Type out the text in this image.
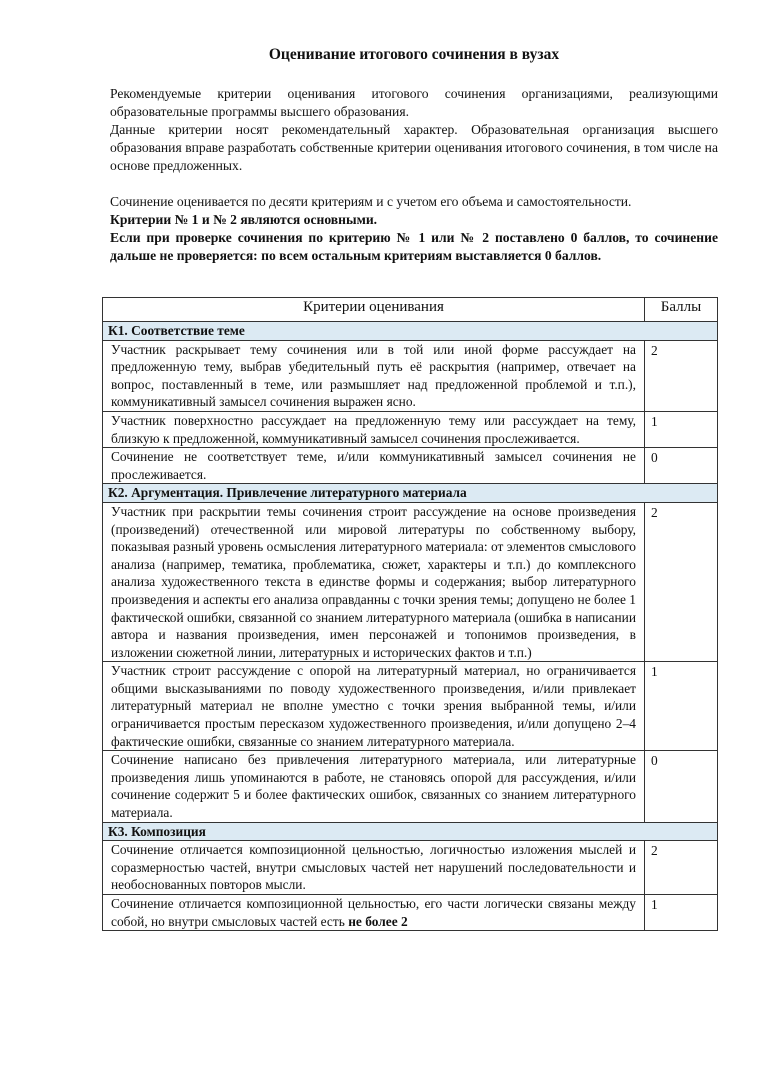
Оценивание итогового сочинения в вузах

Рекомендуемые критерии оценивания итогового сочинения организациями, реализующими образовательные программы высшего образования.

Данные критерии носят рекомендательный характер. Образовательная организация высшего образования вправе разработать собственные критерии оценивания итогового сочинения, в том числе на основе предложенных.

Сочинение оценивается по десяти критериям и с учетом его объема и самостоятельности.

Критерии № 1 и № 2 являются основными.

Если при проверке сочинения по критерию № 1 или № 2 поставлено 0 баллов, то сочинение дальше не проверяется: по всем остальным критериям выставляется 0 баллов.

Критерии оценивания	Баллы
К1. Соответствие теме	
Участник раскрывает тему сочинения или в той или иной форме рассуждает на предложенную тему, выбрав убедительный путь её раскрытия (например, отвечает на вопрос, поставленный в теме, или размышляет над предложенной проблемой и т.п.), коммуникативный замысел сочинения выражен ясно.	2
Участник поверхностно рассуждает на предложенную тему или рассуждает на тему, близкую к предложенной, коммуникативный замысел сочинения прослеживается.	1
Сочинение не соответствует теме, и/или коммуникативный замысел сочинения не прослеживается.	0
К2. Аргументация. Привлечение литературного материала	
Участник при раскрытии темы сочинения строит рассуждение на основе произведения (произведений) отечественной или мировой литературы по собственному выбору, показывая разный уровень осмысления литературного материала: от элементов смыслового анализа (например, тематика, проблематика, сюжет, характеры и т.п.) до комплексного анализа художественного текста в единстве формы и содержания; выбор литературного произведения и аспекты его анализа оправданны с точки зрения темы; допущено не более 1 фактической ошибки, связанной со знанием литературного материала (ошибка в написании автора и названия произведения, имен персонажей и топонимов произведения, в изложении сюжетной линии, литературных и исторических фактов и т.п.)	2
Участник строит рассуждение с опорой на литературный материал, но ограничивается общими высказываниями по поводу художественного произведения, и/или привлекает литературный материал не вполне уместно с точки зрения выбранной темы, и/или ограничивается простым пересказом художественного произведения, и/или допущено 2–4 фактические ошибки, связанные со знанием литературного материала.	1
Сочинение написано без привлечения литературного материала, или литературные произведения лишь упоминаются в работе, не становясь опорой для рассуждения, и/или сочинение содержит 5 и более фактических ошибок, связанных со знанием литературного материала.	0
К3. Композиция	
Сочинение отличается композиционной цельностью, логичностью изложения мыслей и соразмерностью частей, внутри смысловых частей нет нарушений последовательности и необоснованных повторов мысли.	2
Сочинение отличается композиционной цельностью, его части логически связаны между собой, но внутри смысловых частей есть не более 2	1
